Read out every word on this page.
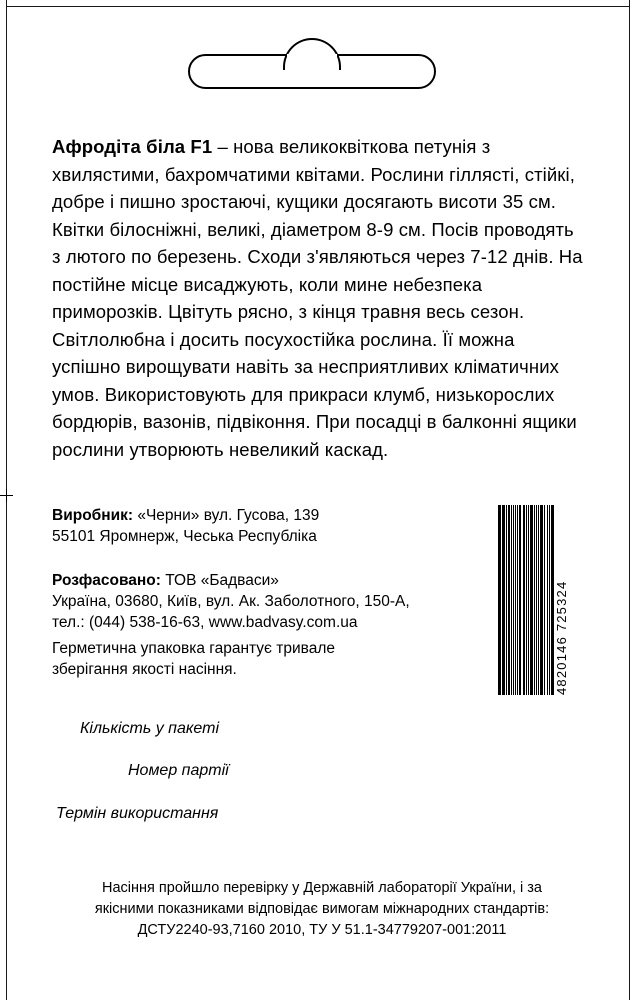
Афродіта біла F1 – нова великоквіткова петунія з хвилястими, бахромчатими квітами. Рослини гіллясті, стійкі, добре і пишно зростаючі, кущики досягають висоти 35 см. Квітки білосніжні, великі, діаметром 8-9 см. Посів проводять з лютого по березень. Сходи з'являються через 7-12 днів. На постійне місце висаджують, коли мине небезпека приморозків. Цвітуть рясно, з кінця травня весь сезон. Світлолюбна і досить посухостійка рослина. Її можна успішно вирощувати навіть за несприятливих кліматичних умов. Використовують для прикраси клумб, низькорослих бордюрів, вазонів, підвіконня. При посадці в балконні ящики рослини утворюють невеликий каскад.
Виробник: «Черни» вул. Гусова, 139
55101 Яромнерж, Чеська Республіка
Розфасовано: ТОВ «Бадваси»
Україна, 03680, Київ, вул. Ак. Заболотного, 150-А,
тел.: (044) 538-16-63, www.badvasy.com.ua
Герметична упаковка гарантує тривале
зберігання якості насіння.	4820146 725324
Кількість у пакеті
Номер партії
Термін використання
Насіння пройшло перевірку у Державній лабораторії України, і за
якісними показниками відповідає вимогам міжнародних стандартів:
ДСТУ2240-93,7160 2010, ТУ У 51.1-34779207-001:2011
